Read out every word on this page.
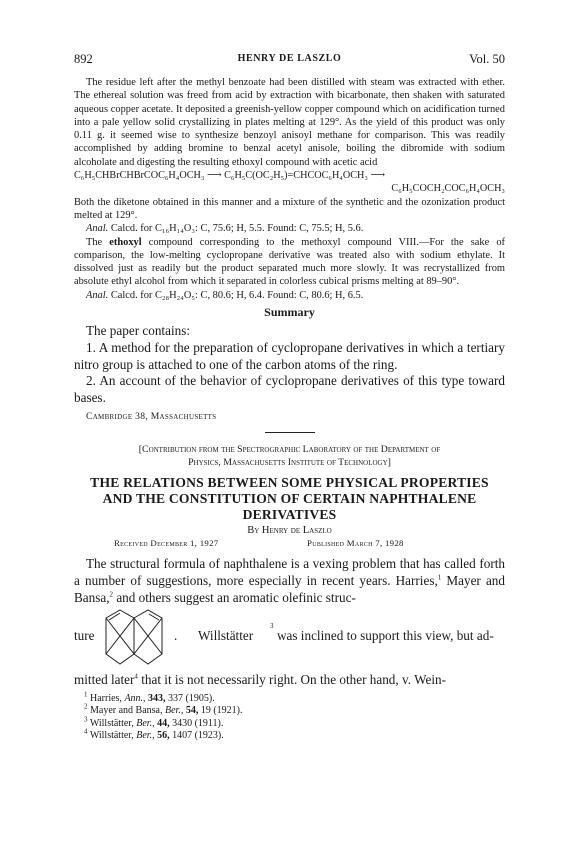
892	HENRY DE LASZLO	Vol. 50

The residue left after the methyl benzoate had been distilled with steam was extracted with ether. The ethereal solution was freed from acid by extraction with bicarbonate, then shaken with saturated aqueous copper acetate. It deposited a greenish-yellow copper compound which on acidification turned into a pale yellow solid crystallizing in plates melting at 129°. As the yield of this product was only 0.11 g. it seemed wise to synthesize benzoyl anisoyl methane for comparison. This was readily accomplished by adding bromine to benzal acetyl anisole, boiling the dibromide with sodium alcoholate and digesting the resulting ethoxyl compound with acetic acid

C₆H₅CHBrCHBrCOC₆H₄OCH₃ ⟶ C₆H₅C(OC₂H₅)=CHCOC₆H₄OCH₃ ⟶

C₆H₅COCH₂COC₆H₄OCH₃

Both the diketone obtained in this manner and a mixture of the synthetic and the ozonization product melted at 129°.

Anal. Calcd. for C₁₆H₁₄O₃: C, 75.6; H, 5.5. Found: C, 75.5; H, 5.6.

The ethoxyl compound corresponding to the methoxyl compound VIII.—For the sake of comparison, the low-melting cyclopropane derivative was treated also with sodium ethylate. It dissolved just as readily but the product separated much more slowly. It was recrystallized from absolute ethyl alcohol from which it separated in colorless cubical prisms melting at 89–90°.

Anal. Calcd. for C₂₈H₂₄O₅: C, 80.6; H, 6.4. Found: C, 80.6; H, 6.5.

Summary

The paper contains:

1. A method for the preparation of cyclopropane derivatives in which a tertiary nitro group is attached to one of the carbon atoms of the ring.

2. An account of the behavior of cyclopropane derivatives of this type toward bases.

Cambridge 38, Massachusetts

[Contribution from the Spectrographic Laboratory of the Department of

Physics, Massachusetts Institute of Technology]

THE RELATIONS BETWEEN SOME PHYSICAL PROPERTIES
AND THE CONSTITUTION OF CERTAIN NAPHTHALENE
DERIVATIVES
By Henry de Laszlo
Received December 1, 1927	Published March 7, 1928

The structural formula of naphthalene is a vexing problem that has called forth a number of suggestions, more especially in recent years. Harries,$^1$ Mayer and Bansa,$^2$ and others suggest an aromatic olefinic struc-

ture	. Willstätter
3
was inclined to support this view, but ad-

mitted later$^4$ that it is not necessarily right. On the other hand, v. Wein-

$^1$ Harries, Ann., 343, 337 (1905).
$^2$ Mayer and Bansa, Ber., 54, 19 (1921).
$^3$ Willstätter, Ber., 44, 3430 (1911).
$^4$ Willstätter, Ber., 56, 1407 (1923).
